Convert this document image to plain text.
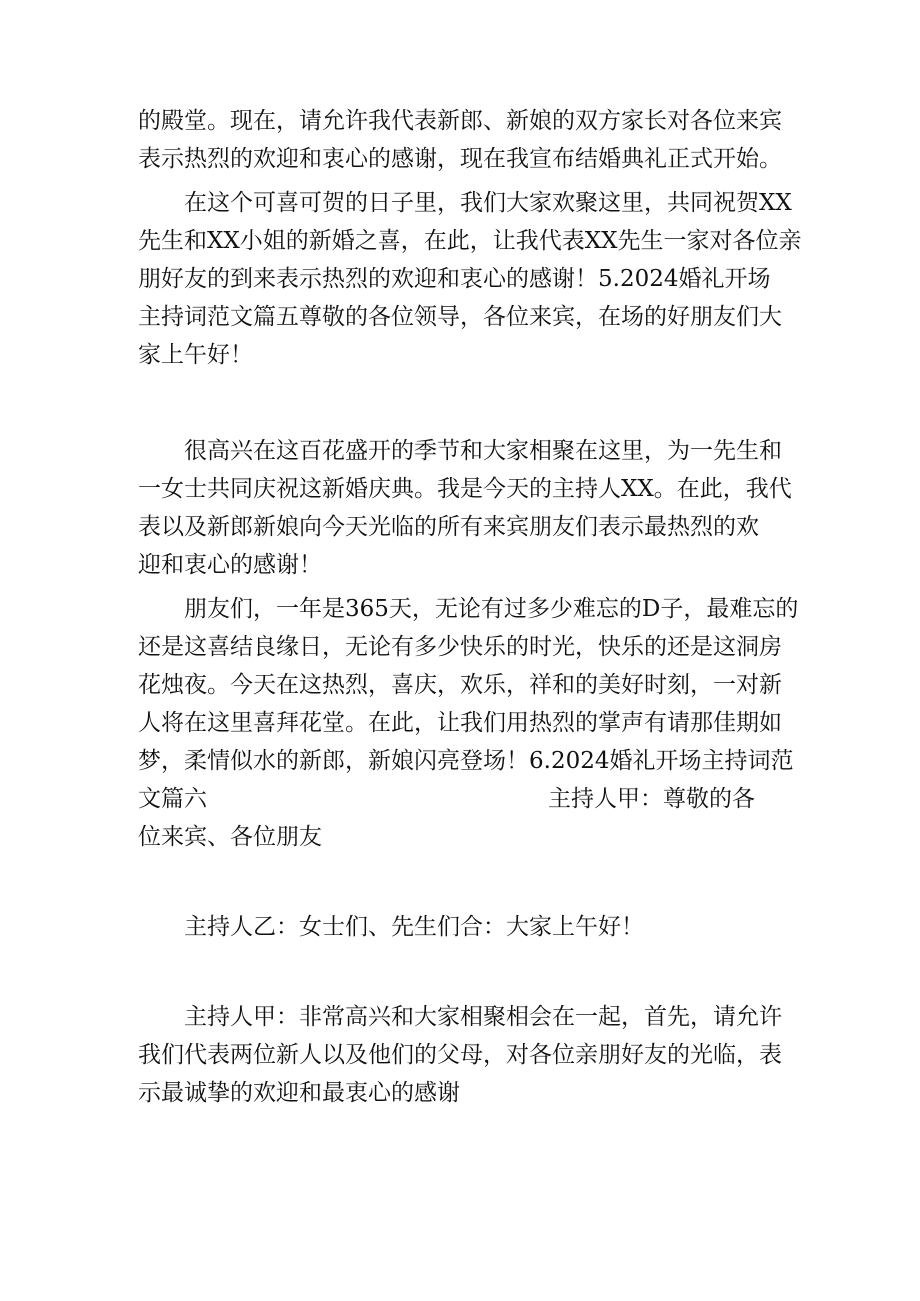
的殿堂。现在，请允许我代表新郎、新娘的双方家长对各位来宾
表示热烈的欢迎和衷心的感谢，现在我宣布结婚典礼正式开始。
在这个可喜可贺的日子里，我们大家欢聚这里，共同祝贺XX
先生和XX小姐的新婚之喜，在此，让我代表XX先生一家对各位亲
朋好友的到来表示热烈的欢迎和衷心的感谢！5.2024婚礼开场
主持词范文篇五尊敬的各位领导，各位来宾，在场的好朋友们大
家上午好！
很高兴在这百花盛开的季节和大家相聚在这里，为一先生和
一女士共同庆祝这新婚庆典。我是今天的主持人XX。在此，我代
表以及新郎新娘向今天光临的所有来宾朋友们表示最热烈的欢
迎和衷心的感谢！
朋友们，一年是365天，无论有过多少难忘的D子，最难忘的
还是这喜结良缘日，无论有多少快乐的时光，快乐的还是这洞房
花烛夜。今天在这热烈，喜庆，欢乐，祥和的美好时刻，一对新
人将在这里喜拜花堂。在此，让我们用热烈的掌声有请那佳期如
梦，柔情似水的新郎，新娘闪亮登场！6.2024婚礼开场主持词范
文篇六	主持人甲：尊敬的各
位来宾、各位朋友
主持人乙：女士们、先生们合：大家上午好！
主持人甲：非常高兴和大家相聚相会在一起，首先，请允许
我们代表两位新人以及他们的父母，对各位亲朋好友的光临，表
示最诚挚的欢迎和最衷心的感谢
